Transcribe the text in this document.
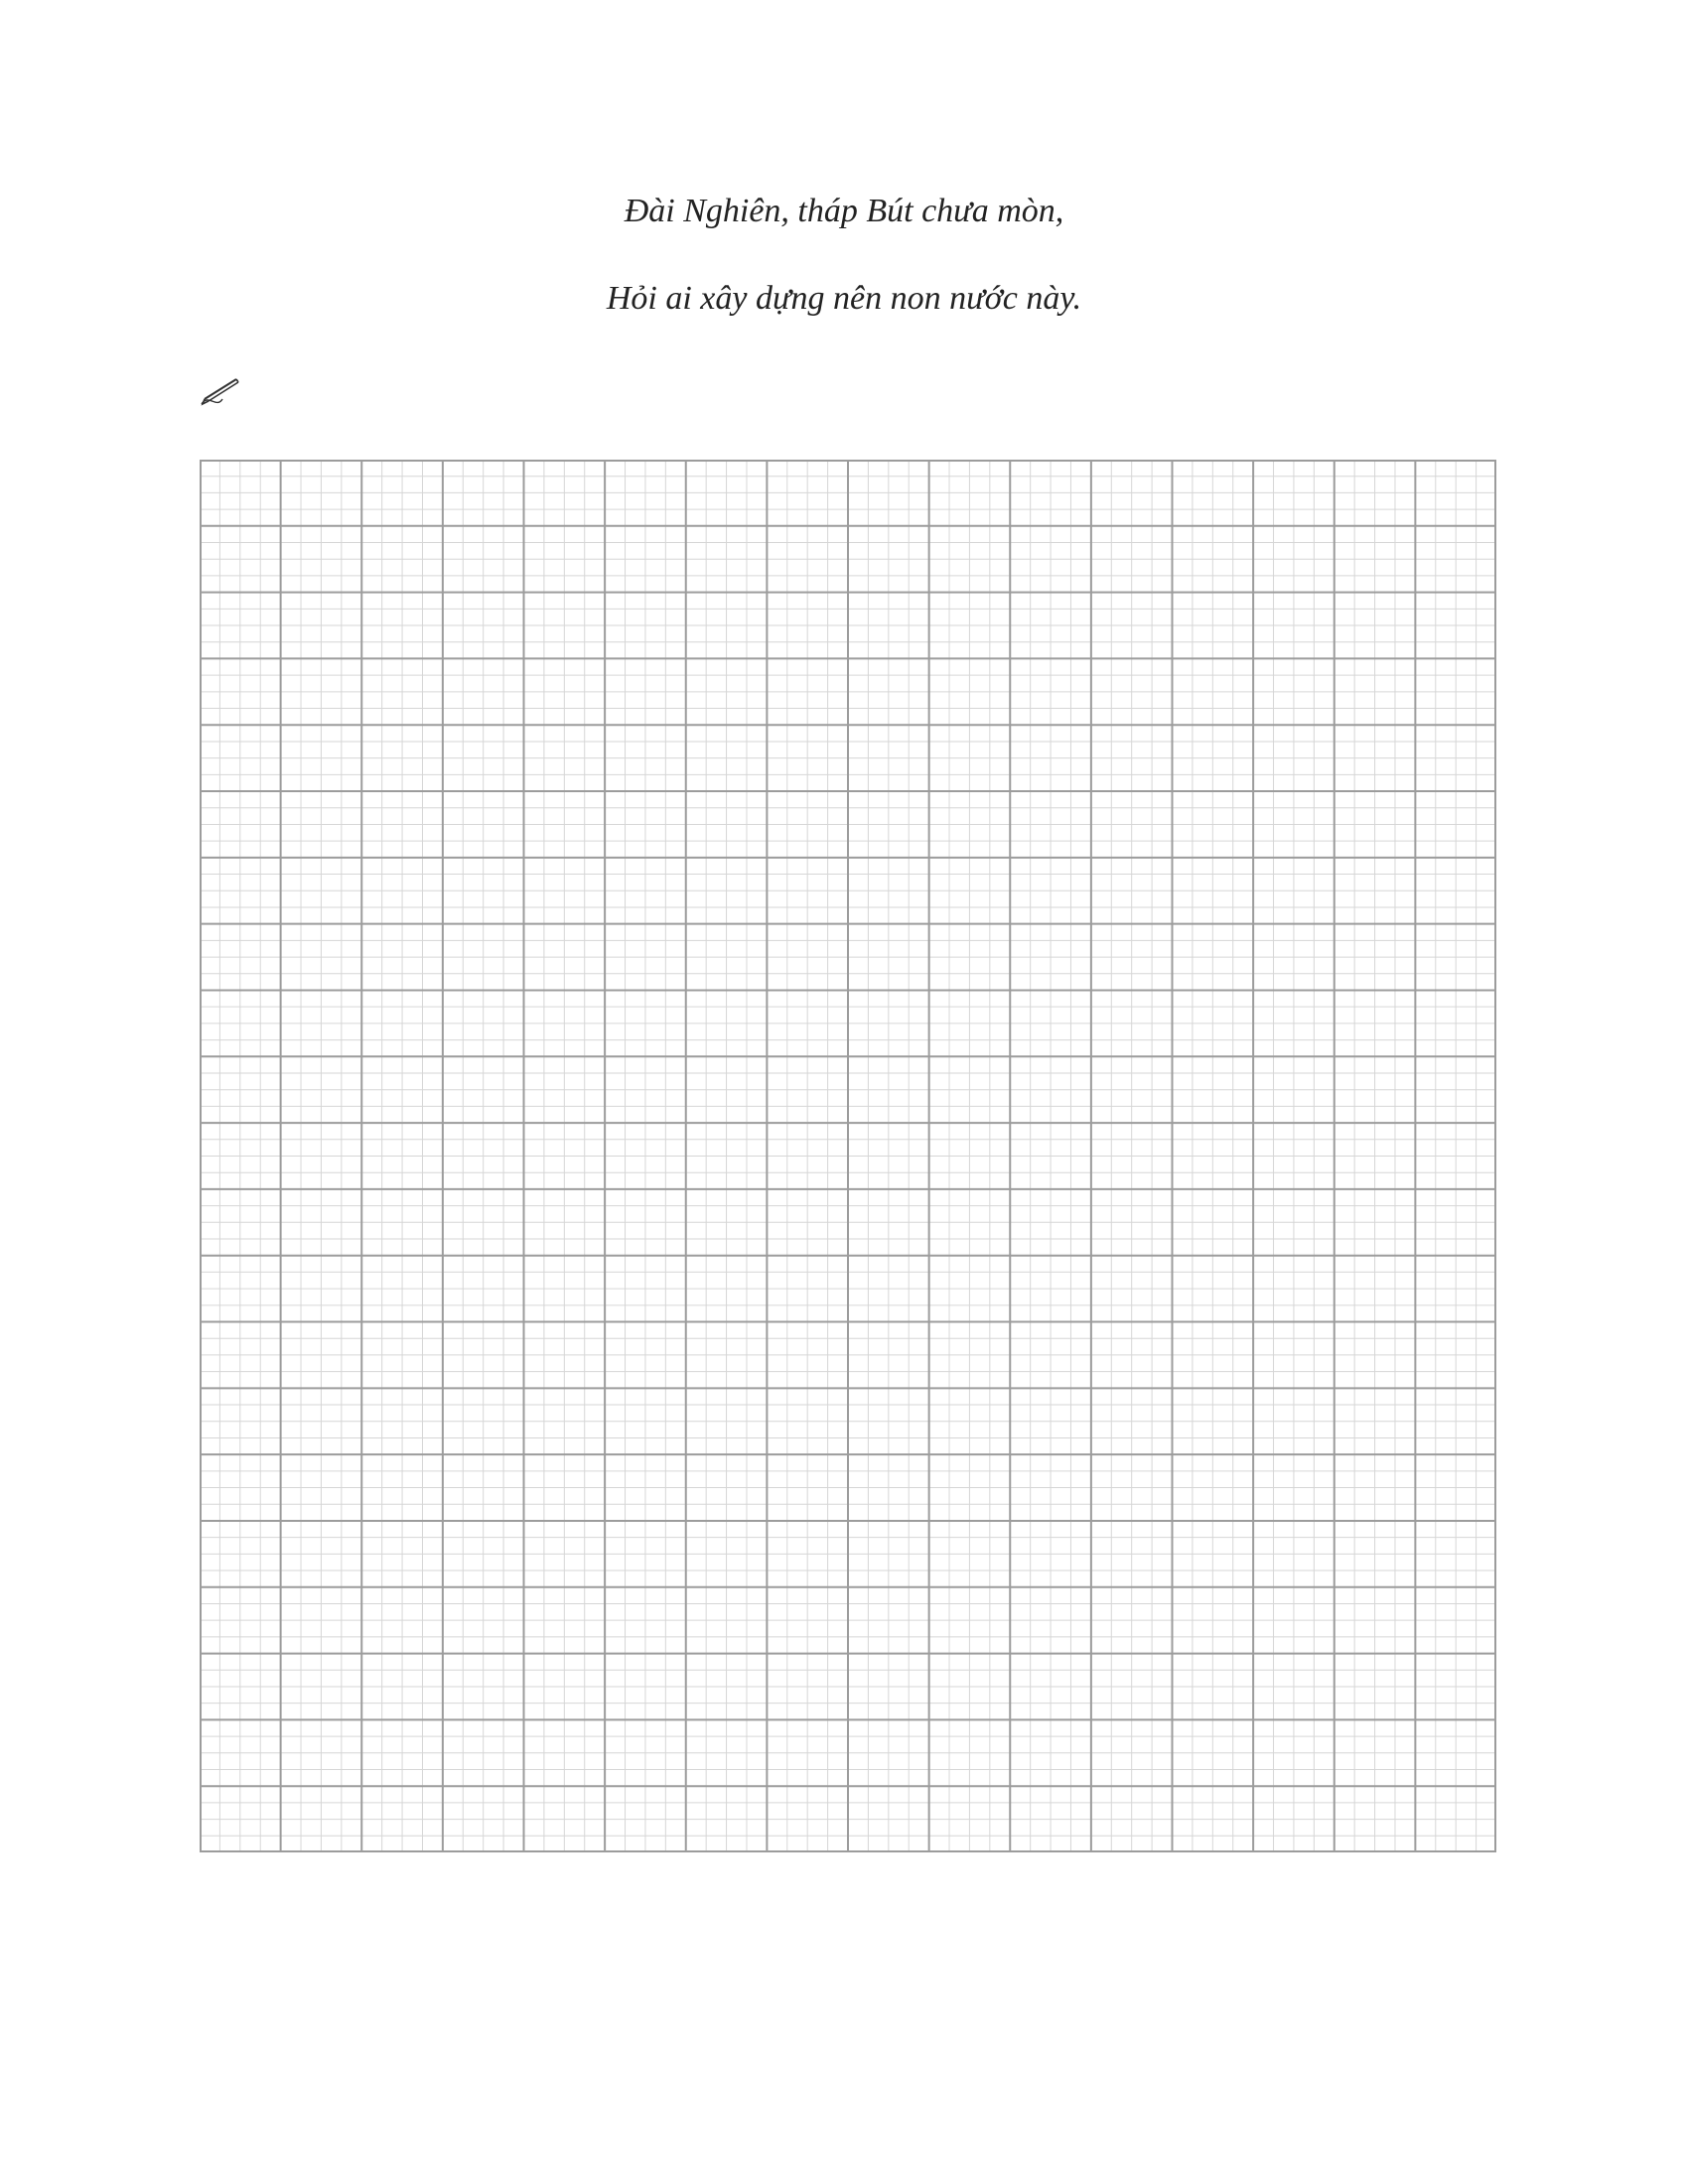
Đài Nghiên, tháp Bút chưa mòn,
Hỏi ai xây dựng nên non nước này.
